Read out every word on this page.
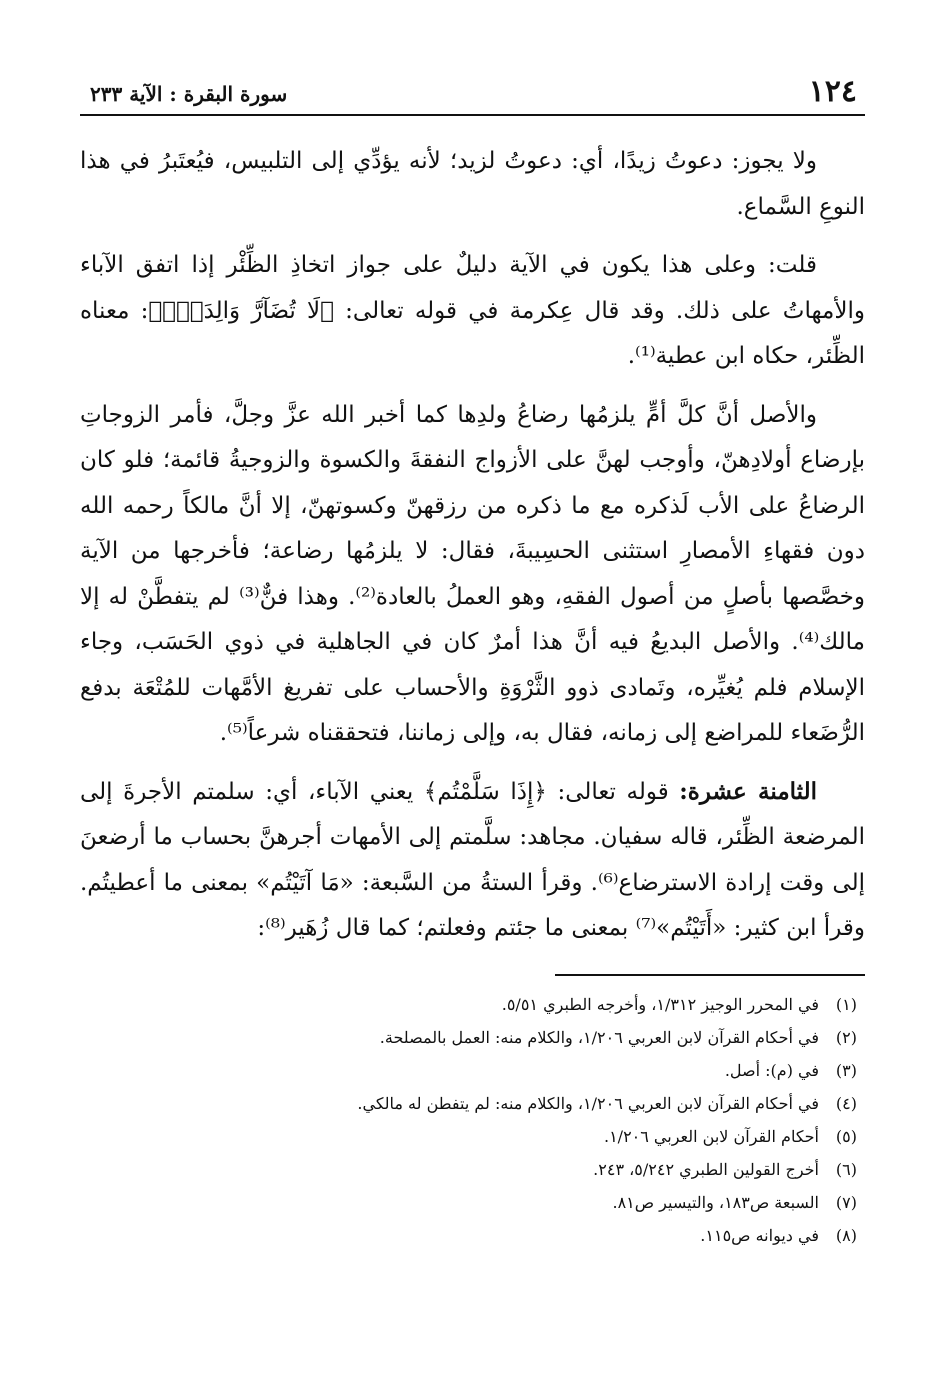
١٢٤
سورة البقرة : الآية ٢٣٣

ولا يجوز: دعوتُ زيدًا، أي: دعوتُ لزيد؛ لأنه يؤدِّي إلى التلبيس، فيُعتَبرُ في هذا النوعِ السَّماع.

قلت: وعلى هذا يكون في الآية دليلٌ على جواز اتخاذِ الظِّئْر إذا اتفق الآباء والأمهاتُ على ذلك. وقد قال عِكرمة في قوله تعالى: ﴿لَا تُضَآرَّ وَالِدَةٌۢ﴾: معناه الظِّئر، حكاه ابن عطية⁽¹⁾.

والأصل أنَّ كلَّ أمٍّ يلزمُها رضاعُ ولدِها كما أخبر الله عزَّ وجلَّ، فأمر الزوجاتِ بإرضاع أولادِهنّ، وأوجب لهنَّ على الأزواج النفقةَ والكسوة والزوجيةُ قائمة؛ فلو كان الرضاعُ على الأب لَذكره مع ما ذكره من رزقهنّ وكسوتهنّ، إلا أنَّ مالكاً رحمه الله دون فقهاءِ الأمصارِ استثنى الحسِيبةَ، فقال: لا يلزمُها رضاعة؛ فأخرجها من الآية وخصَّصها بأصلٍ من أصول الفقهِ، وهو العملُ بالعادة⁽²⁾. وهذا فنٌّ⁽³⁾ لم يتفطَّنْ له إلا مالك⁽⁴⁾. والأصل البديعُ فيه أنَّ هذا أمرٌ كان في الجاهلية في ذوي الحَسَب، وجاء الإسلام فلم يُغيِّره، وتَمادى ذوو الثَّرْوَةِ والأحساب على تفريغ الأمَّهات للمُتْعَة بدفع الرُّضَعاء للمراضع إلى زمانه، فقال به، وإلى زماننا، فتحققناه شرعاً⁽⁵⁾.

الثامنة عشرة: قوله تعالى: ﴿إِذَا سَلَّمْتُم﴾ يعني الآباء، أي: سلمتم الأجرةَ إلى المرضعة الظِّئر، قاله سفيان. مجاهد: سلَّمتم إلى الأمهات أجرهنَّ بحساب ما أرضعنَ إلى وقت إرادة الاسترضاع⁽⁶⁾. وقرأ الستةُ من السَّبعة: «مَا آتَيْتُم» بمعنى ما أعطيتُم. وقرأ ابن كثير: «أَتَيْتُم»⁽⁷⁾ بمعنى ما جئتم وفعلتم؛ كما قال زُهَير⁽⁸⁾:

(١)في المحرر الوجيز ١/٣١٢، وأخرجه الطبري ٥/٥١.
(٢)في أحكام القرآن لابن العربي ١/٢٠٦، والكلام منه: العمل بالمصلحة.
(٣)في (م): أصل.
(٤)في أحكام القرآن لابن العربي ١/٢٠٦، والكلام منه: لم يتفطن له مالكي.
(٥)أحكام القرآن لابن العربي ١/٢٠٦.
(٦)أخرج القولين الطبري ٥/٢٤٢، ٢٤٣.
(٧)السبعة ص١٨٣، والتيسير ص٨١.
(٨)في ديوانه ص١١٥.
